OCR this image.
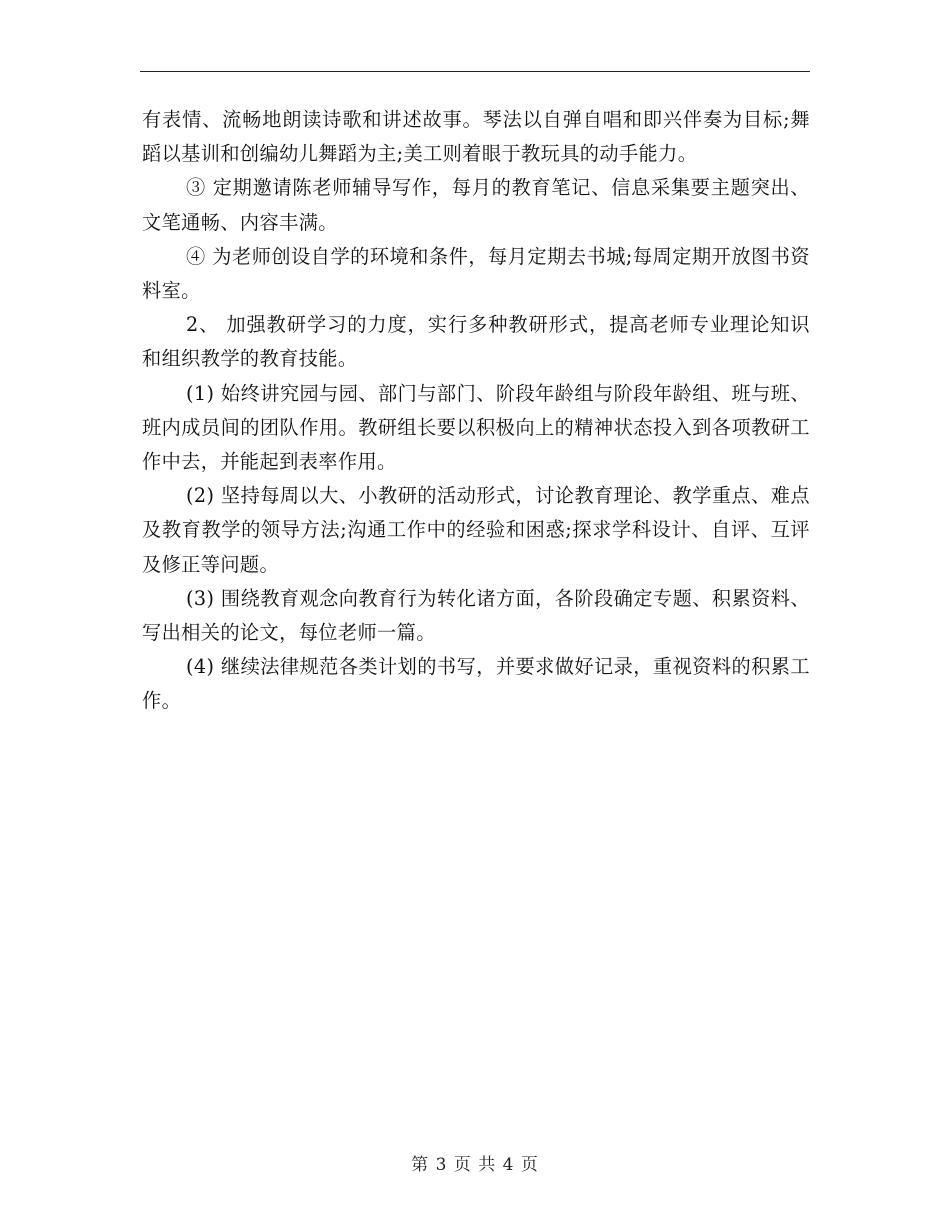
有表情、流畅地朗读诗歌和讲述故事。琴法以自弹自唱和即兴伴奏为目标;舞蹈以基训和创编幼儿舞蹈为主;美工则着眼于教玩具的动手能力。

③ 定期邀请陈老师辅导写作，每月的教育笔记、信息采集要主题突出、文笔通畅、内容丰满。

④ 为老师创设自学的环境和条件，每月定期去书城;每周定期开放图书资料室。

2、 加强教研学习的力度，实行多种教研形式，提高老师专业理论知识和组织教学的教育技能。

(1) 始终讲究园与园、部门与部门、阶段年龄组与阶段年龄组、班与班、班内成员间的团队作用。教研组长要以积极向上的精神状态投入到各项教研工作中去，并能起到表率作用。

(2) 坚持每周以大、小教研的活动形式，讨论教育理论、教学重点、难点及教育教学的领导方法;沟通工作中的经验和困惑;探求学科设计、自评、互评及修正等问题。

(3) 围绕教育观念向教育行为转化诸方面，各阶段确定专题、积累资料、写出相关的论文，每位老师一篇。

(4) 继续法律规范各类计划的书写，并要求做好记录，重视资料的积累工作。

第 3 页 共 4 页
